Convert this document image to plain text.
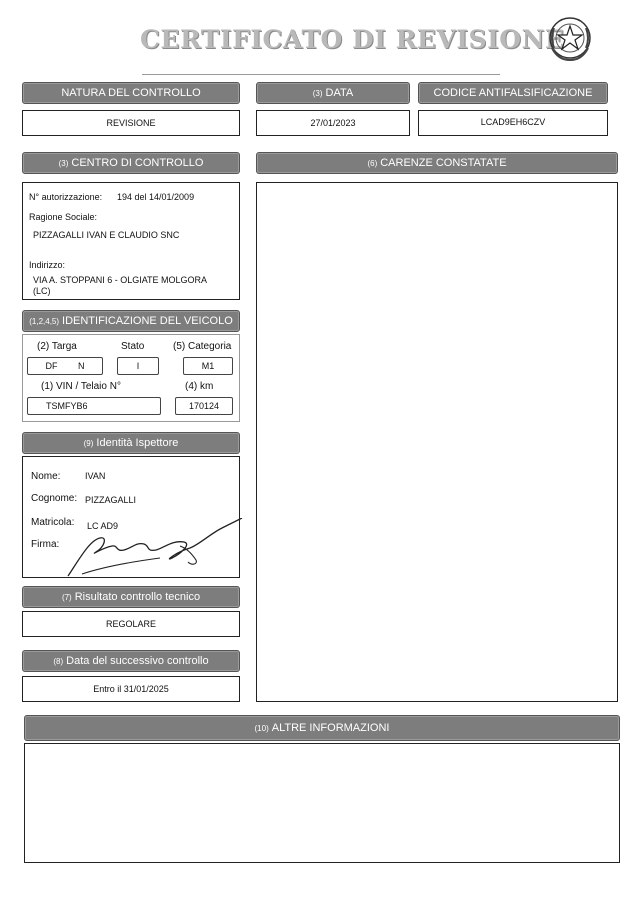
CERTIFICATO DI REVISIONE
NATURA DEL CONTROLLO
REVISIONE
(3) DATA
27/01/2023
CODICE ANTIFALSIFICAZIONE
LCAD9EH6CZV
(3) CENTRO DI CONTROLLO
N° autorizzazione: 194 del 14/01/2009
Ragione Sociale:
PIZZAGALLI IVAN E CLAUDIO SNC
Indirizzo:
VIA A. STOPPANI 6 - OLGIATE MOLGORA
(LC)
(6) CARENZE CONSTATATE
(1,2,4,5) IDENTIFICAZIONE DEL VEICOLO
(2) Targa	Stato	(5) Categoria
DF N	I	M1
(1) VIN / Telaio N°	(4) km
TSMFYB6	170124
(9) Identità Ispettore
Nome:	IVAN
Cognome: PIZZAGALLI
Matricola: LC AD9
Firma:
(7) Risultato controllo tecnico
REGOLARE
(8) Data del successivo controllo
Entro il 31/01/2025
(10) ALTRE INFORMAZIONI
